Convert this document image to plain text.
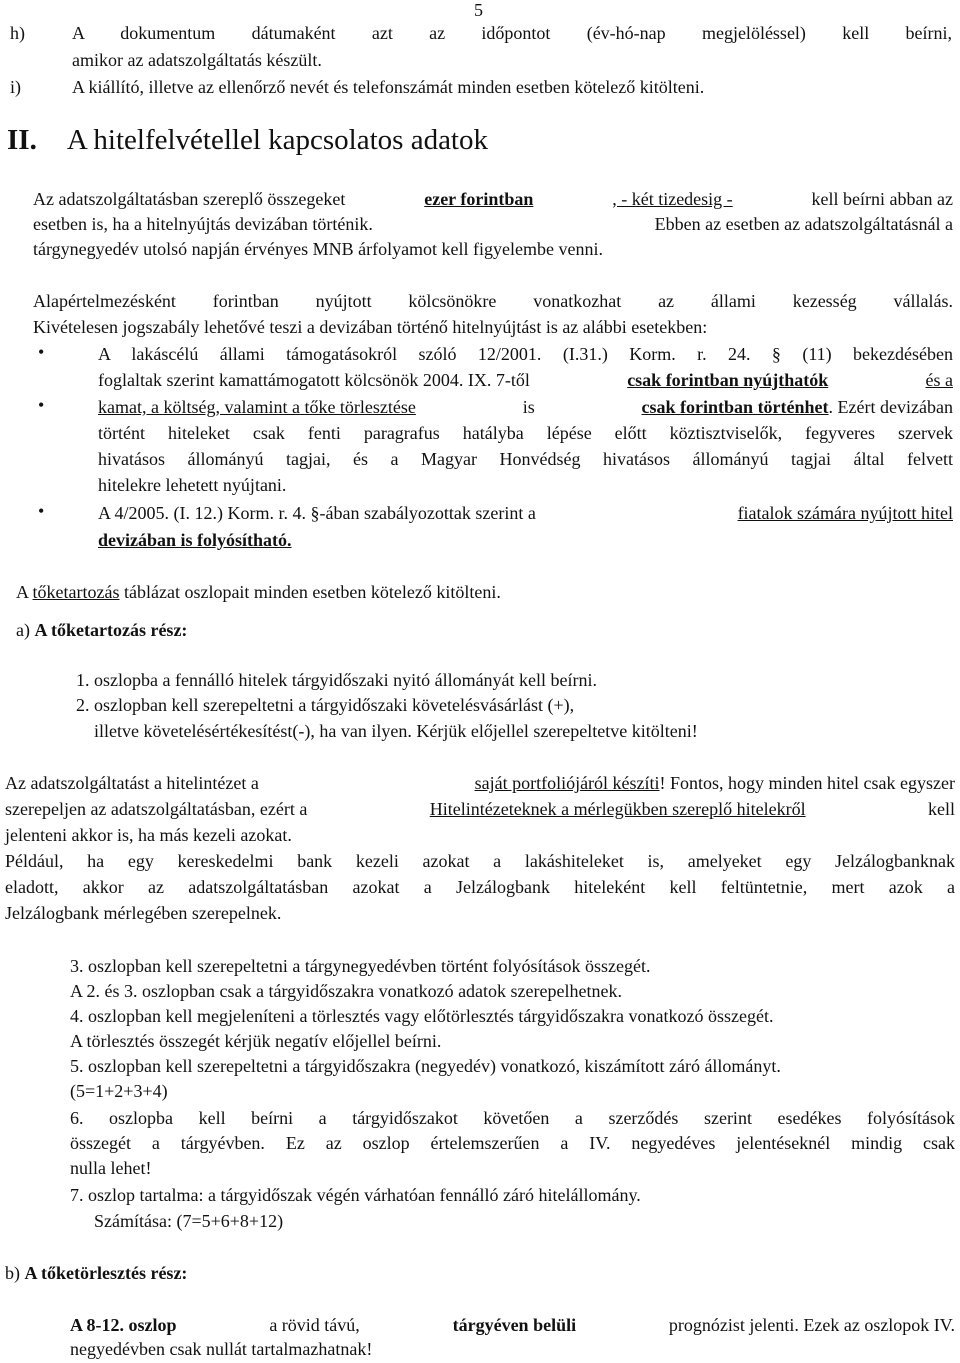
5
h)	A dokumentum dátumaként azt az időpontot (év-hó-nap megjelöléssel) kell beírni,
amikor az adatszolgáltatás készült.
i)	A kiállító, illetve az ellenőrző nevét és telefonszámát minden esetben kötelező kitölteni.
II. A hitelfelvétellel kapcsolatos adatok
Az adatszolgáltatásban szereplő összegeket	ezer forintban	, - két tizedesig -	kell beírni abban az
esetben is, ha a hitelnyújtás devizában történik.	Ebben az esetben az adatszolgáltatásnál a
tárgynegyedév utolsó napján érvényes MNB árfolyamot kell figyelembe venni.
Alapértelmezésként forintban nyújtott kölcsönökre vonatkozhat az állami kezesség vállalás.
Kivételesen jogszabály lehetővé teszi a devizában történő hitelnyújtást is az alábbi esetekben:
•	A lakáscélú állami támogatásokról szóló 12/2001. (I.31.) Korm. r. 24. § (11) bekezdésében
foglaltak szerint kamattámogatott kölcsönök 2004. IX. 7-től	csak forintban nyújthatók	és a
•	kamat, a költség, valamint a tőke törlesztése	is	csak forintban történhet. Ezért devizában
történt hiteleket csak fenti paragrafus hatályba lépése előtt köztisztviselők, fegyveres szervek
hivatásos állományú tagjai, és a Magyar Honvédség hivatásos állományú tagjai által felvett
hitelekre lehetett nyújtani.
•	A 4/2005. (I. 12.) Korm. r. 4. §-ában szabályozottak szerint a	fiatalok számára nyújtott hitel
devizában is folyósítható.
A tőketartozás táblázat oszlopait minden esetben kötelező kitölteni.
a) A tőketartozás rész:
1. oszlopba a fennálló hitelek tárgyidőszaki nyitó állományát kell beírni.
2. oszlopban kell szerepeltetni a tárgyidőszaki követelésvásárlást (+),
illetve követelésértékesítést(-), ha van ilyen. Kérjük előjellel szerepeltetve kitölteni!
Az adatszolgáltatást a hitelintézet a	saját portfoliójáról készíti! Fontos, hogy minden hitel csak egyszer
szerepeljen az adatszolgáltatásban, ezért a	Hitelintézeteknek a mérlegükben szereplő hitelekről	kell
jelenteni akkor is, ha más kezeli azokat.
Például, ha egy kereskedelmi bank kezeli azokat a lakáshiteleket is, amelyeket egy Jelzálogbanknak
eladott, akkor az adatszolgáltatásban azokat a Jelzálogbank hiteleként kell feltüntetnie, mert azok a
Jelzálogbank mérlegében szerepelnek.
3. oszlopban kell szerepeltetni a tárgynegyedévben történt folyósítások összegét.
A 2. és 3. oszlopban csak a tárgyidőszakra vonatkozó adatok szerepelhetnek.
4. oszlopban kell megjeleníteni a törlesztés vagy előtörlesztés tárgyidőszakra vonatkozó összegét.
A törlesztés összegét kérjük negatív előjellel beírni.
5. oszlopban kell szerepeltetni a tárgyidőszakra (negyedév) vonatkozó, kiszámított záró állományt.
(5=1+2+3+4)
6. oszlopba kell beírni a tárgyidőszakot követően a szerződés szerint esedékes folyósítások
összegét a tárgyévben. Ez az oszlop értelemszerűen a IV. negyedéves jelentéseknél mindig csak
nulla lehet!
7. oszlop tartalma: a tárgyidőszak végén várhatóan fennálló záró hitelállomány.
Számítása: (7=5+6+8+12)
b) A tőketörlesztés rész:
A 8-12. oszlop	a rövid távú,	tárgyéven belüli	prognózist jelenti. Ezek az oszlopok IV.
negyedévben csak nullát tartalmazhatnak!
